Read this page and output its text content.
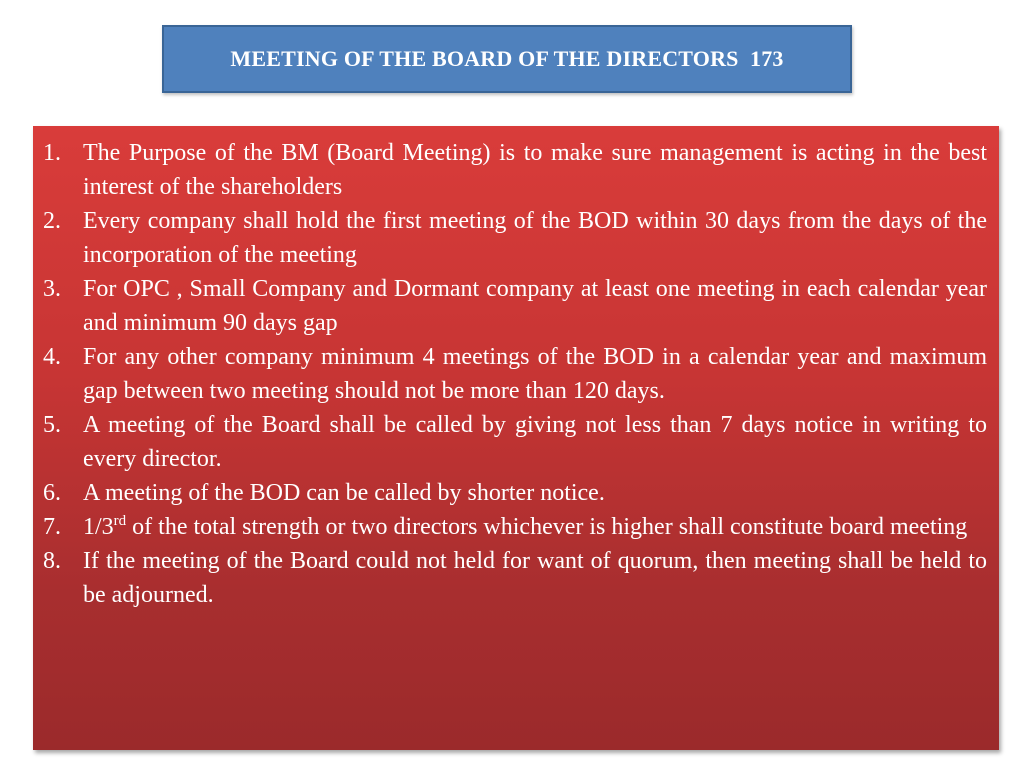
MEETING OF THE BOARD OF THE DIRECTORS  173
1. The Purpose of the BM (Board Meeting) is to make sure management is acting in the best interest of the shareholders
2. Every company shall hold the first meeting of the BOD within 30 days from the days of the incorporation of the meeting
3. For OPC , Small Company and Dormant company at least one meeting in each calendar year and minimum 90 days gap
4. For any other company minimum 4 meetings of the BOD in a calendar year and maximum gap between two meeting should not be more than 120 days.
5. A meeting of the Board shall be called by giving not less than 7 days notice in writing to every director.
6. A meeting of the BOD can be called by shorter notice.
7. 1/3rd of the total strength or two directors whichever is higher shall constitute board meeting
8. If the meeting of the Board could not held for want of quorum, then meeting shall be held to be adjourned.
